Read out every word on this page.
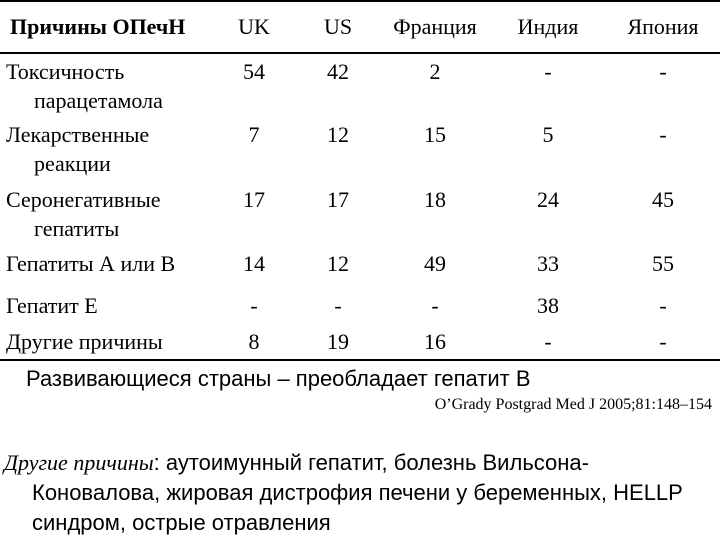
Причины ОПечН	UK	US	Франция	Индия	Япония
Токсичность
парацетамола	54	42	2	-	-
Лекарственные
реакции	7	12	15	5	-
Серонегативные
гепатиты	17	17	18	24	45
Гепатиты А или В	14	12	49	33	55
Гепатит Е	-	-	-	38	-
Другие причины	8	19	16	-	-
Развивающиеся страны – преобладает гепатит В
O’Grady Postgrad Med J 2005;81:148–154
Другие причины: аутоимунный гепатит, болезнь Вильсона-
Коновалова, жировая дистрофия печени у беременных, HELLP
синдром, острые отравления
